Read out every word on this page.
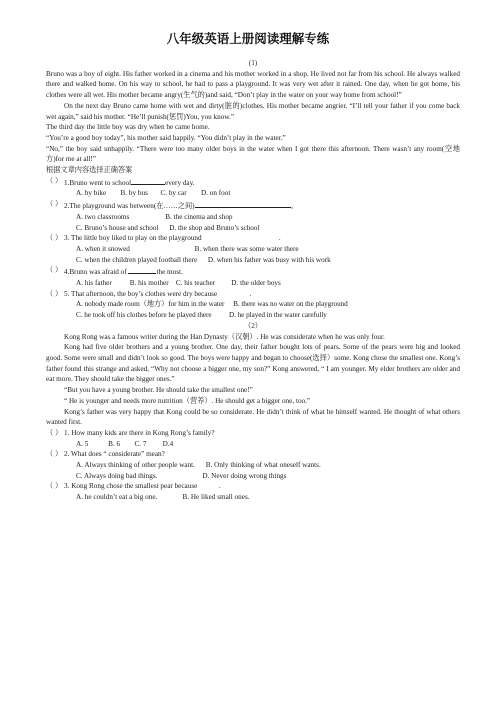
八年级英语上册阅读理解专练
(1)

Bruno was a boy of eight. His father worked in a cinema and his mother worked in a shop. He lived not far from his school. He always walked there and walked home. On his way to school, he had to pass a playground. It was very wet after it rained. One day, when he got home, his clothes were all wet. His mother became angry(生气的)and said, “Don’t play in the water on your way home from school!”

On the next day Bruno came home with wet and dirty(脏的)clothes. His mother became angrier. “I’ll tell your father if you come back wet again,” said his mother. “He’ll punish(惩罚)You, you know.”

The third day the little boy was dry when he came home.

“You’re a good boy today”, his mother said happily. “You didn’t play in the water.”

“No,” the boy said unhappily. “There were too many older boys in the water when I got there this afternoon. There wasn’t any room(空地方)for me at all!”

根据文章内容选择正确答案

（ ） 1.Bruno went to school	every day.
A. by bike        B. by bus       C. by car        D. on foot
（ ） 2.The playground was between(在……之间)	。
A. two classrooms                    B. the cinema and shop
C. Bruno’s house and school      D. the shop and Bruno’s school
（ ） 3. The little boy liked to play on the playground                                           .
A. when it snowed                                    B. when there was some water there
C. when the children played football there      D. when his father was busy with his work
（ ） 4.Bruno was afraid of	the most.
A. his father          B. his mother    C. his teacher         D. the older boys
（ ） 5. That afternoon, the boy’s clothes were dry because                  .
A. nobody made room（地方）for him in the water     B. there was no water on the playground
C. he took off his clothes before he played there          D. he played in the water carefully
（2）

Kong Rong was a famous writer during the Han Dynasty（汉朝）. He was considerate when he was only four.

Kong had five older brothers and a young brother. One day, their father bought lots of pears. Some of the pears were big and looked good. Some were small and didn’t look so good. The boys were happy and began to choose(选择）some. Kong chose the smallest one. Kong’s father found this strange and asked, “Why not choose a bigger one, my son?” Kong answered, “ I am younger. My elder brothers are older and eat more. They should take the bigger ones.”

“But you have a young brother. He should take the smallest one!”

“ He is younger and needs more nutrition（营养）. He should get a bigger one, too.”

Kong’s father was very happy that Kong could be so considerate. He didn’t think of what he himself wanted. He thought of what others wanted first.

（ ） 1. How many kids are there in Kong Rong’s family?
A. 5           B. 6        C. 7         D.4
（ ） 2. What does “ considerate” mean?
A. Always thinking of other people want.      B. Only thinking of what oneself wants.
C. Always doing bad things.                         D. Never doing wrong things
（ ） 3. Kong Rong chose the smallest pear because            .
A. he couldn’t eat a big one.              B. He liked small ones.
